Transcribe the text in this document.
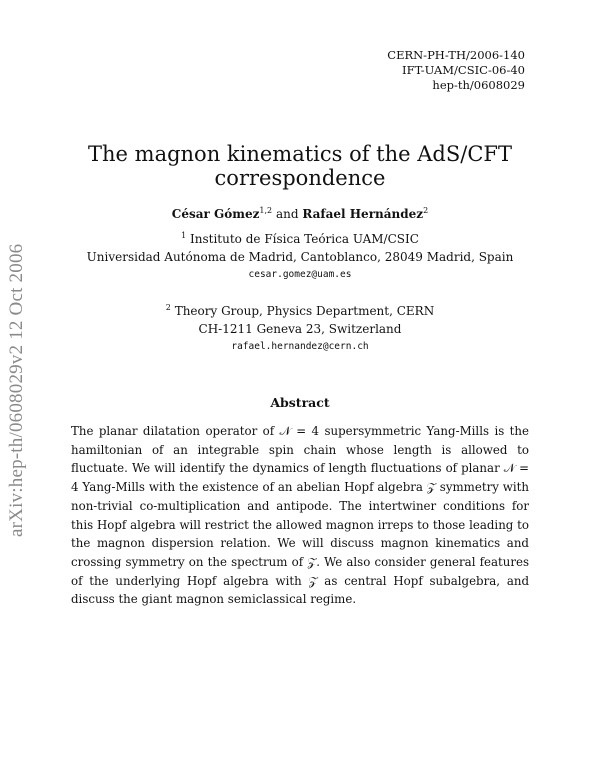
CERN-PH-TH/2006-140
IFT-UAM/CSIC-06-40
hep-th/0608029
The magnon kinematics of the AdS/CFT
correspondence
César Gómez$^{1,2}$ and Rafael Hernández$^2$
$^1$ Instituto de Física Teórica UAM/CSIC
Universidad Autónoma de Madrid, Cantoblanco, 28049 Madrid, Spain
cesar.gomez@uam.es
$^2$ Theory Group, Physics Department, CERN
CH-1211 Geneva 23, Switzerland
rafael.hernandez@cern.ch
Abstract
The planar dilatation operator of 𝒩 = 4 supersymmetric Yang-Mills is the hamiltonian of an integrable spin chain whose length is allowed to fluctuate. We will identify the dynamics of length fluctuations of planar 𝒩 = 4 Yang-Mills with the existence of an abelian Hopf algebra 𝒵 symmetry with non-trivial co-multiplication and antipode. The intertwiner conditions for this Hopf algebra will restrict the allowed magnon irreps to those leading to the magnon dispersion relation. We will discuss magnon kinematics and crossing symmetry on the spectrum of 𝒵. We also consider general features of the underlying Hopf algebra with 𝒵 as central Hopf subalgebra, and discuss the giant magnon semiclassical regime.
arXiv:hep-th/0608029v2 12 Oct 2006
